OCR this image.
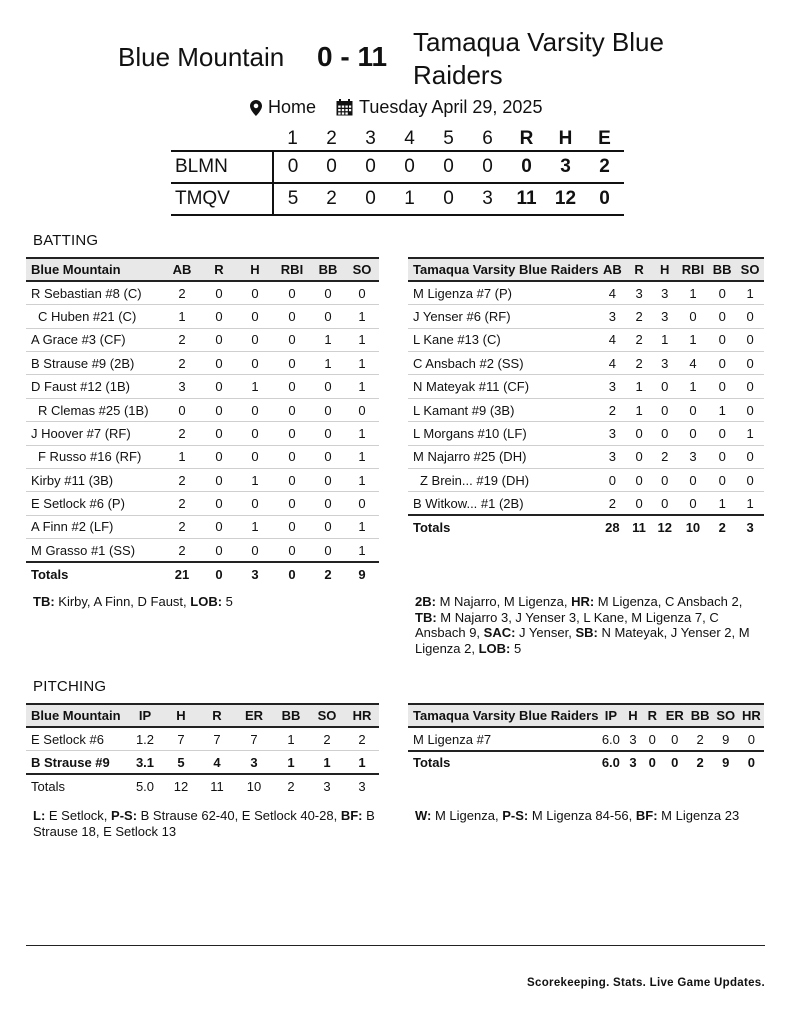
Blue Mountain 0 - 11 Tamaqua Varsity Blue Raiders
Home Tuesday April 29, 2025
	1	2	3	4	5	6	R	H	E
BLMN	0	0	0	0	0	0	0	3	2
TMQV	5	2	0	1	0	3	11	12	0
BATTING
Blue Mountain	AB	R	H	RBI	BB	SO
R Sebastian #8 (C)	2	0	0	0	0	0
C Huben #21 (C)	1	0	0	0	0	1
A Grace #3 (CF)	2	0	0	0	1	1
B Strause #9 (2B)	2	0	0	0	1	1
D Faust #12 (1B)	3	0	1	0	0	1
R Clemas #25 (1B)	0	0	0	0	0	0
J Hoover #7 (RF)	2	0	0	0	0	1
F Russo #16 (RF)	1	0	0	0	0	1
Kirby #11 (3B)	2	0	1	0	0	1
E Setlock #6 (P)	2	0	0	0	0	0
A Finn #2 (LF)	2	0	1	0	0	1
M Grasso #1 (SS)	2	0	0	0	0	1
Totals	21	0	3	0	2	9
Tamaqua Varsity Blue Raiders	AB	R	H	RBI	BB	SO
M Ligenza #7 (P)	4	3	3	1	0	1
J Yenser #6 (RF)	3	2	3	0	0	0
L Kane #13 (C)	4	2	1	1	0	0
C Ansbach #2 (SS)	4	2	3	4	0	0
N Mateyak #11 (CF)	3	1	0	1	0	0
L Kamant #9 (3B)	2	1	0	0	1	0
L Morgans #10 (LF)	3	0	0	0	0	1
M Najarro #25 (DH)	3	0	2	3	0	0
Z Brein... #19 (DH)	0	0	0	0	0	0
B Witkow... #1 (2B)	2	0	0	0	1	1
Totals	28	11	12	10	2	3
TB: Kirby, A Finn, D Faust, LOB: 5	2B: M Najarro, M Ligenza, HR: M Ligenza, C Ansbach 2, TB: M Najarro 3, J Yenser 3, L Kane, M Ligenza 7, C Ansbach 9, SAC: J Yenser, SB: N Mateyak, J Yenser 2, M Ligenza 2, LOB: 5
PITCHING
Blue Mountain	IP	H	R	ER	BB	SO	HR
E Setlock #6	1.2	7	7	7	1	2	2
B Strause #9	3.1	5	4	3	1	1	1
Totals	5.0	12	11	10	2	3	3
Tamaqua Varsity Blue Raiders	IP	H	R	ER	BB	SO	HR
M Ligenza #7	6.0	3	0	0	2	9	0
Totals	6.0	3	0	0	2	9	0
L: E Setlock, P-S: B Strause 62-40, E Setlock 40-28, BF: B Strause 18, E Setlock 13
W: M Ligenza, P-S: M Ligenza 84-56, BF: M Ligenza 23
Scorekeeping. Stats. Live Game Updates.
